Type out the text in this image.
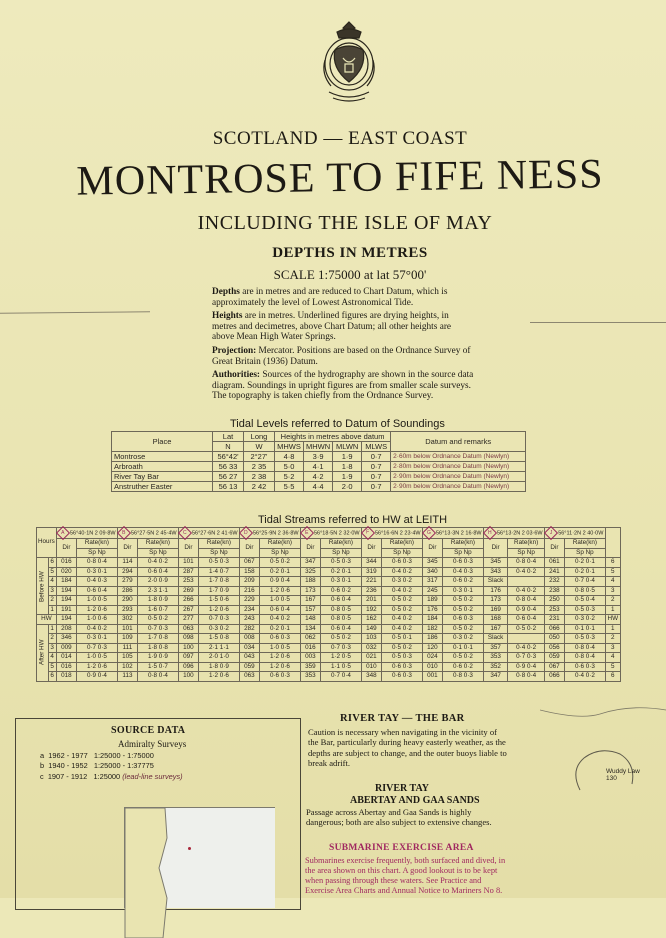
SCOTLAND — EAST COAST
MONTROSE TO FIFE NESS
INCLUDING THE ISLE OF MAY
DEPTHS IN METRES
SCALE 1:75000 at lat 57°00'

Depths are in metres and are reduced to Chart Datum, which is approximately the level of Lowest Astronomical Tide.

Heights are in metres. Underlined figures are drying heights, in metres and decimetres, above Chart Datum; all other heights are above Mean High Water Springs.

Projection: Mercator. Positions are based on the Ordnance Survey of Great Britain (1936) Datum.

Authorities: Sources of the hydrography are shown in the source data diagram. Soundings in upright figures are from smaller scale surveys. The topography is taken chiefly from the Ordnance Survey.

Tidal Levels referred to Datum of Soundings
Place	Lat	Long	Heights in metres above datum				Datum and remarks
	N	W	MHWS	MHWN	MLWN	MLWS	
Montrose	56°42'	2°27'	4·8	3·9	1·9	0·7	2·60m below Ordnance Datum (Newlyn)
Arbroath	56 33	2 35	5·0	4·1	1·8	0·7	2·80m below Ordnance Datum (Newlyn)
River Tay Bar	56 27	2 38	5·2	4·2	1·9	0·7	2·90m below Ordnance Datum (Newlyn)
Anstruther Easter	56 13	2 42	5·5	4·4	2·0	0·7	2·90m below Ordnance Datum (Newlyn)
Tidal Streams referred to HW at LEITH
Hours		A 56°40·1N 2 09·8W		B 56°27·5N 2 45·4W		C 56°27·6N 2 41·6W		D 56°25·9N 2 36·8W		E 56°18·5N 2 32·0W		F 56°16·6N 2 23·4W		G 56°13·3N 2 16·8W		H 56°13·2N 2 03·6W		J 56°11·2N 2 40·0W		
		Dir	Rate(kn)	Dir	Rate(kn)	Dir	Rate(kn)	Dir	Rate(kn)	Dir	Rate(kn)	Dir	Rate(kn)	Dir	Rate(kn)	Dir	Rate(kn)	Dir	Rate(kn)	
			Sp Np		Sp Np		Sp Np		Sp Np		Sp Np		Sp Np		Sp Np		Sp Np		Sp Np	
Before HW	6	016	0·8 0·4	114	0·4 0·2	101	0·5 0·3	067	0·5 0·2	347	0·5 0·3	344	0·6 0·3	345	0·6 0·3	345	0·8 0·4	061	0·2 0·1	6
	5	020	0·3 0·1	294	0·6 0·4	287	1·4 0·7	158	0·2 0·1	325	0·2 0·1	319	0·4 0·2	340	0·4 0·3	343	0·4 0·2	241	0·2 0·1	5
	4	184	0·4 0·3	279	2·0 0·9	253	1·7 0·8	209	0·9 0·4	188	0·3 0·1	221	0·3 0·2	317	0·6 0·2	Slack		232	0·7 0·4	4
	3	194	0·6 0·4	286	2·3 1·1	269	1·7 0·9	216	1·2 0·6	173	0·6 0·2	236	0·4 0·2	245	0·3 0·1	176	0·4 0·2	238	0·8 0·5	3
	2	194	1·0 0·5	290	1·8 0·9	266	1·5 0·6	229	1·0 0·5	167	0·6 0·4	201	0·5 0·2	189	0·5 0·2	173	0·8 0·4	250	0·5 0·4	2
	1	191	1·2 0·6	293	1·6 0·7	267	1·2 0·6	234	0·6 0·4	157	0·8 0·5	192	0·5 0·2	176	0·5 0·2	169	0·9 0·4	253	0·5 0·3	1
HW		194	1·0 0·6	302	0·5 0·2	277	0·7 0·3	243	0·4 0·2	148	0·8 0·5	162	0·4 0·2	184	0·6 0·3	168	0·6 0·4	231	0·3 0·2	HW
After HW	1	208	0·4 0·2	101	0·7 0·3	063	0·3 0·2	282	0·2 0·1	134	0·6 0·4	149	0·4 0·2	182	0·5 0·2	167	0·5 0·2	066	0·1 0·1	1
	2	346	0·3 0·1	109	1·7 0·8	098	1·5 0·8	008	0·6 0·3	062	0·5 0·2	103	0·5 0·1	186	0·3 0·2	Slack		050	0·5 0·3	2
	3	009	0·7 0·3	111	1·8 0·8	100	2·1 1·1	034	1·0 0·5	016	0·7 0·3	032	0·5 0·2	120	0·1 0·1	357	0·4 0·2	056	0·8 0·4	3
	4	014	1·0 0·5	105	1·9 0·9	097	2·0 1·0	043	1·2 0·6	003	1·2 0·5	021	0·5 0·3	024	0·5 0·2	353	0·7 0·3	059	0·8 0·4	4
	5	016	1·2 0·6	102	1·5 0·7	096	1·8 0·9	059	1·2 0·6	359	1·1 0·5	010	0·6 0·3	010	0·6 0·2	352	0·9 0·4	067	0·6 0·3	5
	6	018	0·9 0·4	113	0·8 0·4	100	1·2 0·6	063	0·6 0·3	353	0·7 0·4	348	0·6 0·3	001	0·8 0·3	347	0·8 0·4	066	0·4 0·2	6
SOURCE DATA
Admiralty Surveys
a 1962 - 1977 1:25000 - 1:75000
b 1940 - 1952 1:25000 - 1:37775
c 1907 - 1912 1:25000 (lead-line surveys)
RIVER TAY — THE BAR
Caution is necessary when navigating in the vicinity of the Bar, particularly during heavy easterly weather, as the depths are subject to change, and the outer buoys liable to break adrift.
RIVER TAY
ABERTAY AND GAA SANDS
Passage across Abertay and Gaa Sands is highly dangerous; both are also subject to extensive changes.
SUBMARINE EXERCISE AREA
Submarines exercise frequently, both surfaced and dived, in the area shown on this chart. A good lookout is to be kept when passing through these waters. See Practice and Exercise Area Charts and Annual Notice to Mariners No 8.
Wuddy Law
130
